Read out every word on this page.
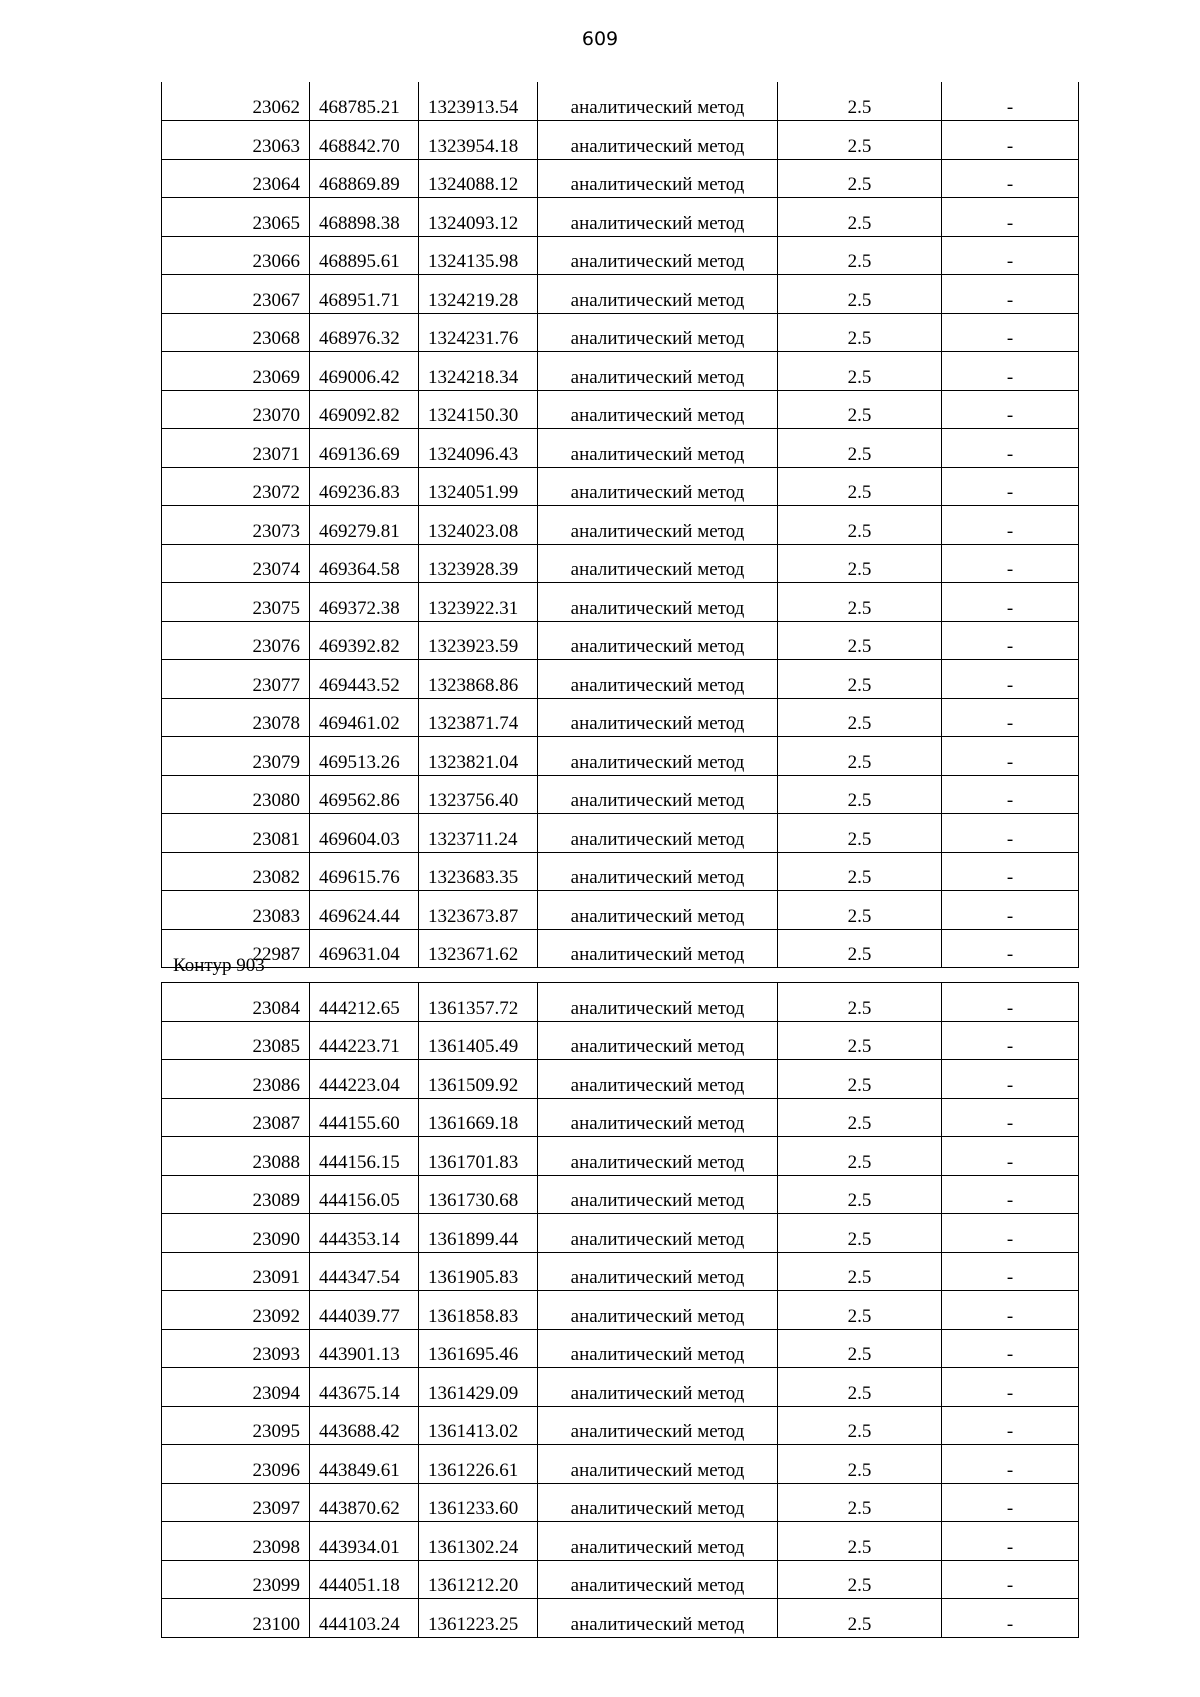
609
23062	468785.21	1323913.54	аналитический метод	2.5	-
23063	468842.70	1323954.18	аналитический метод	2.5	-
23064	468869.89	1324088.12	аналитический метод	2.5	-
23065	468898.38	1324093.12	аналитический метод	2.5	-
23066	468895.61	1324135.98	аналитический метод	2.5	-
23067	468951.71	1324219.28	аналитический метод	2.5	-
23068	468976.32	1324231.76	аналитический метод	2.5	-
23069	469006.42	1324218.34	аналитический метод	2.5	-
23070	469092.82	1324150.30	аналитический метод	2.5	-
23071	469136.69	1324096.43	аналитический метод	2.5	-
23072	469236.83	1324051.99	аналитический метод	2.5	-
23073	469279.81	1324023.08	аналитический метод	2.5	-
23074	469364.58	1323928.39	аналитический метод	2.5	-
23075	469372.38	1323922.31	аналитический метод	2.5	-
23076	469392.82	1323923.59	аналитический метод	2.5	-
23077	469443.52	1323868.86	аналитический метод	2.5	-
23078	469461.02	1323871.74	аналитический метод	2.5	-
23079	469513.26	1323821.04	аналитический метод	2.5	-
23080	469562.86	1323756.40	аналитический метод	2.5	-
23081	469604.03	1323711.24	аналитический метод	2.5	-
23082	469615.76	1323683.35	аналитический метод	2.5	-
23083	469624.44	1323673.87	аналитический метод	2.5	-
22987	469631.04	1323671.62	аналитический метод	2.5	-
Контур 903
23084	444212.65	1361357.72	аналитический метод	2.5	-
23085	444223.71	1361405.49	аналитический метод	2.5	-
23086	444223.04	1361509.92	аналитический метод	2.5	-
23087	444155.60	1361669.18	аналитический метод	2.5	-
23088	444156.15	1361701.83	аналитический метод	2.5	-
23089	444156.05	1361730.68	аналитический метод	2.5	-
23090	444353.14	1361899.44	аналитический метод	2.5	-
23091	444347.54	1361905.83	аналитический метод	2.5	-
23092	444039.77	1361858.83	аналитический метод	2.5	-
23093	443901.13	1361695.46	аналитический метод	2.5	-
23094	443675.14	1361429.09	аналитический метод	2.5	-
23095	443688.42	1361413.02	аналитический метод	2.5	-
23096	443849.61	1361226.61	аналитический метод	2.5	-
23097	443870.62	1361233.60	аналитический метод	2.5	-
23098	443934.01	1361302.24	аналитический метод	2.5	-
23099	444051.18	1361212.20	аналитический метод	2.5	-
23100	444103.24	1361223.25	аналитический метод	2.5	-
